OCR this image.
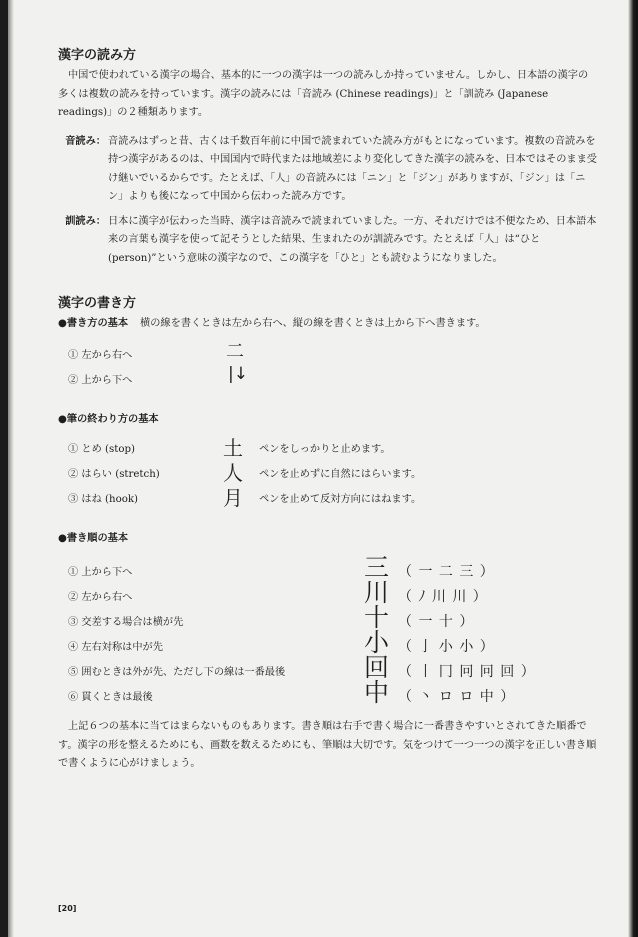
漢字の読み方

中国で使われている漢字の場合、基本的に一つの漢字は一つの読みしか持っていません。しかし、日本語の漢字の多くは複数の読みを持っています。漢字の読みには「音読み (Chinese readings)」と「訓読み (Japanese readings)」の２種類あります。

音読み： 音読みはずっと昔、古くは千数百年前に中国で読まれていた読み方がもとになっています。複数の音読みを持つ漢字があるのは、中国国内で時代または地域差により変化してきた漢字の読みを、日本ではそのまま受け継いでいるからです。たとえば、「人」の音読みには「ニン」と「ジン」がありますが、「ジン」は「ニン」よりも後になって中国から伝わった読み方です。
訓読み： 日本に漢字が伝わった当時、漢字は音読みで読まれていました。一方、それだけでは不便なため、日本語本来の言葉も漢字を使って記そうとした結果、生まれたのが訓読みです。たとえば「人」は“ひと (person)”という意味の漢字なので、この漢字を「ひと」とも読むようになりました。
漢字の書き方
●書き方の基本 横の線を書くときは左から右へ、縦の線を書くときは上から下へ書きます。
① 左から右へ	二
② 上から下へ	|↓
●筆の終わり方の基本
① とめ (stop)	土 ペンをしっかりと止めます。
② はらい (stretch)	人 ペンを止めずに自然にはらいます。
③ はね (hook)	月 ペンを止めて反対方向にはねます。
●書き順の基本
① 上から下へ	三 （ 一 二 三 ）
② 左から右へ	川 （ ﾉ 川 川 ）
③ 交差する場合は横が先	十 （ 一 十 ）
④ 左右対称は中が先	小 （ 亅 小 小 ）
⑤ 囲むときは外が先、ただし下の線は一番最後	回 （ 丨 冂 冋 冋 回 ）
⑥ 貫くときは最後	中 （ 丶 ロ ロ 中 ）

上記６つの基本に当てはまらないものもあります。書き順は右手で書く場合に一番書きやすいとされてきた順番です。漢字の形を整えるためにも、画数を数えるためにも、筆順は大切です。気をつけて一つ一つの漢字を正しい書き順で書くように心がけましょう。

[20]
